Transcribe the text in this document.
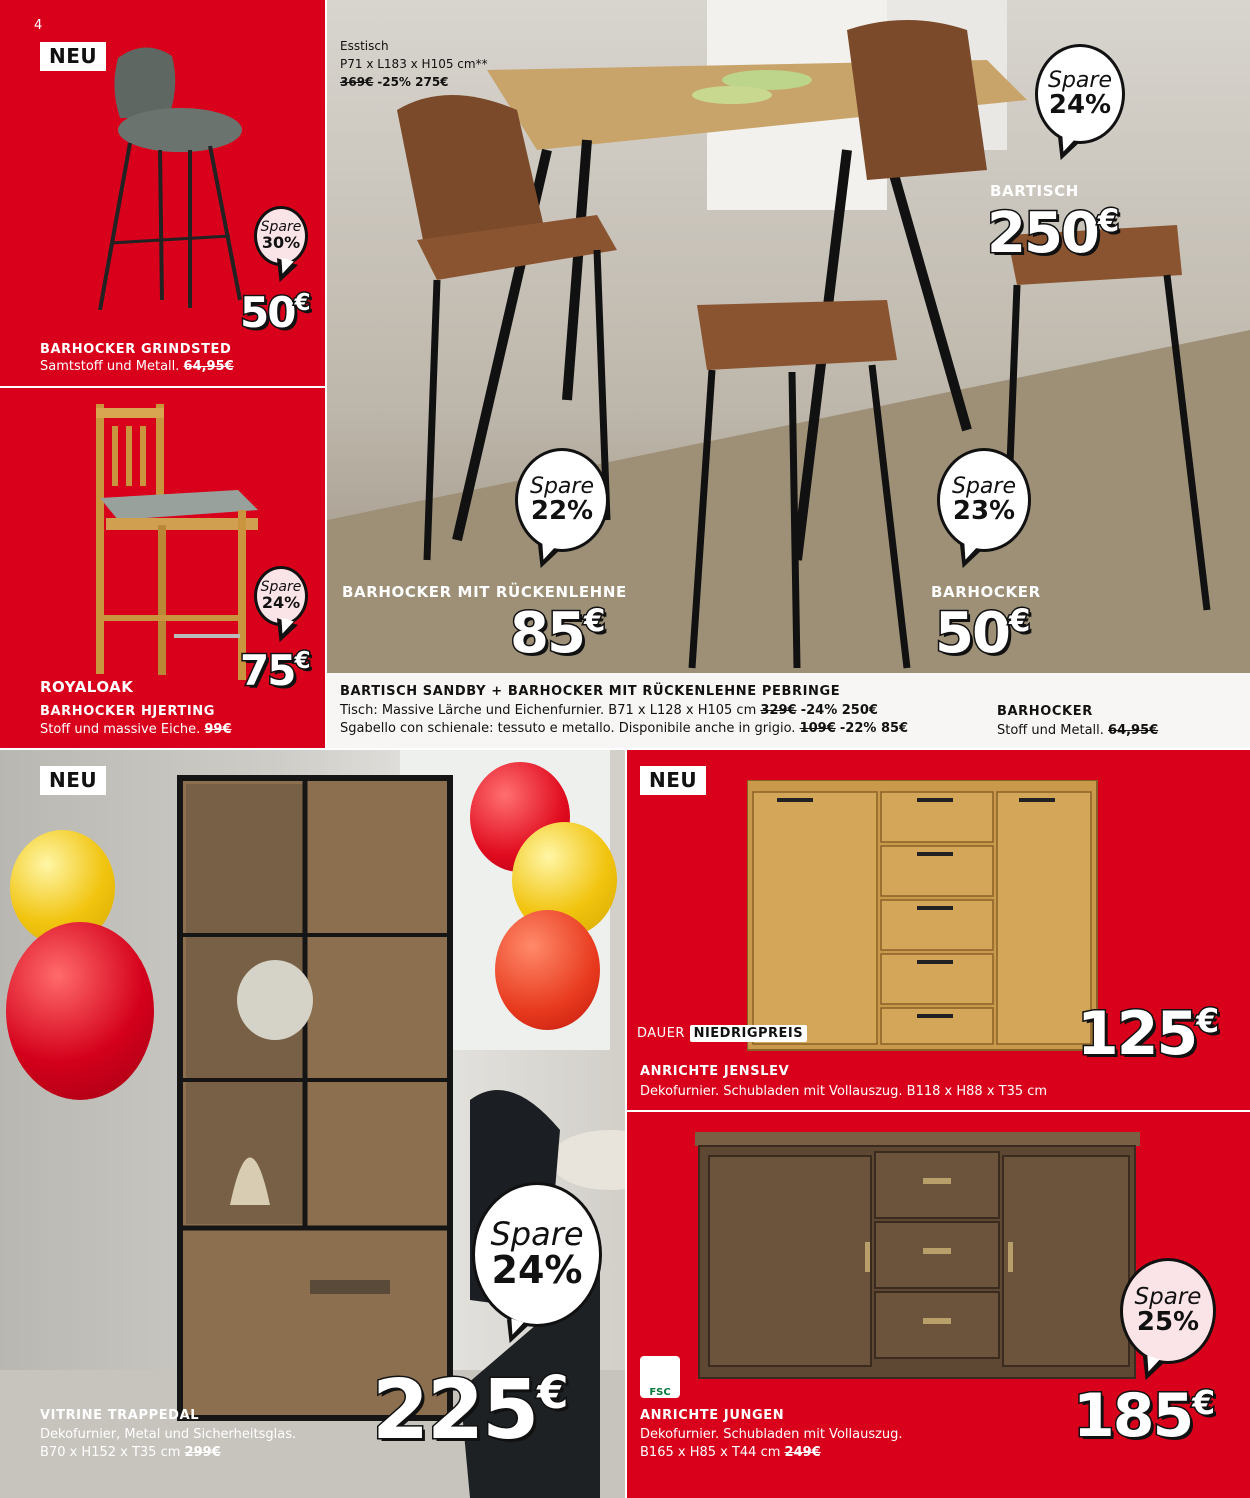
4
NEU
Spare
30%
50€
BARHOCKER GRINDSTED
Samtstoff und Metall. 64,95€
Spare
24%
75€
ROYALOAK
BARHOCKER HJERTING
Stoff und massive Eiche. 99€
Esstisch
P71 x L183 x H105 cm**
369€ -25% 275€	Spare
24%
BARTISCH
250€
Spare
22%
BARHOCKER MIT RÜCKENLEHNE
85€
Spare
23%
BARHOCKER
50€
BARTISCH SANDBY + BARHOCKER MIT RÜCKENLEHNE PEBRINGE
Tisch: Massive Lärche und Eichenfurnier. B71 x L128 x H105 cm 329€ -24% 250€
Sgabello con schienale: tessuto e metallo. Disponibile anche in grigio. 109€ -22% 85€
BARHOCKER
Stoff und Metall. 64,95€
NEU
Spare
24%
225€
VITRINE TRAPPEDAL
Dekofurnier, Metal und Sicherheitsglas.
B70 x H152 x T35 cm 299€
NEU
DAUER NIEDRIGPREIS	125€
ANRICHTE JENSLEV
Dekofurnier. Schubladen mit Vollauszug. B118 x H88 x T35 cm
Spare
25%
FSC	185€
ANRICHTE JUNGEN
Dekofurnier. Schubladen mit Vollauszug.
B165 x H85 x T44 cm 249€
